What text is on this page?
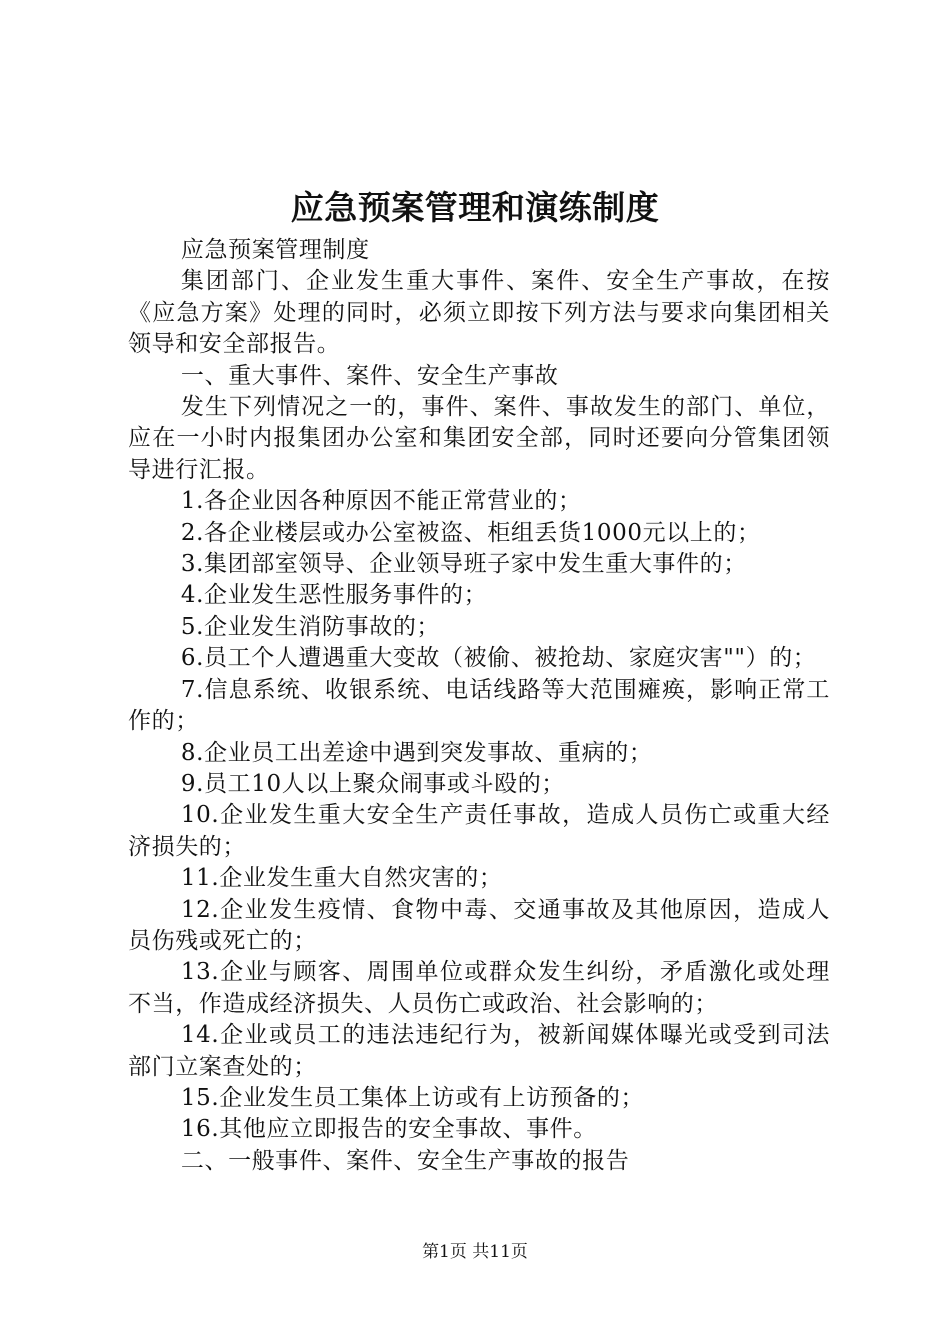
应急预案管理和演练制度

应急预案管理制度

集团部门、企业发生重大事件、案件、安全生产事故，在按《应急方案》处理的同时，必须立即按下列方法与要求向集团相关领导和安全部报告。

一、重大事件、案件、安全生产事故

发生下列情况之一的，事件、案件、事故发生的部门、单位，应在一小时内报集团办公室和集团安全部，同时还要向分管集团领导进行汇报。

1.各企业因各种原因不能正常营业的；

2.各企业楼层或办公室被盗、柜组丢货1000元以上的；

3.集团部室领导、企业领导班子家中发生重大事件的；

4.企业发生恶性服务事件的；

5.企业发生消防事故的；

6.员工个人遭遇重大变故（被偷、被抢劫、家庭灾害""）的；

7.信息系统、收银系统、电话线路等大范围瘫痪，影响正常工作的；

8.企业员工出差途中遇到突发事故、重病的；

9.员工10人以上聚众闹事或斗殴的；

10.企业发生重大安全生产责任事故，造成人员伤亡或重大经济损失的；

11.企业发生重大自然灾害的；

12.企业发生疫情、食物中毒、交通事故及其他原因，造成人员伤残或死亡的；

13.企业与顾客、周围单位或群众发生纠纷，矛盾激化或处理不当，作造成经济损失、人员伤亡或政治、社会影响的；

14.企业或员工的违法违纪行为，被新闻媒体曝光或受到司法部门立案查处的；

15.企业发生员工集体上访或有上访预备的；

16.其他应立即报告的安全事故、事件。

二、一般事件、案件、安全生产事故的报告

第1页 共11页
